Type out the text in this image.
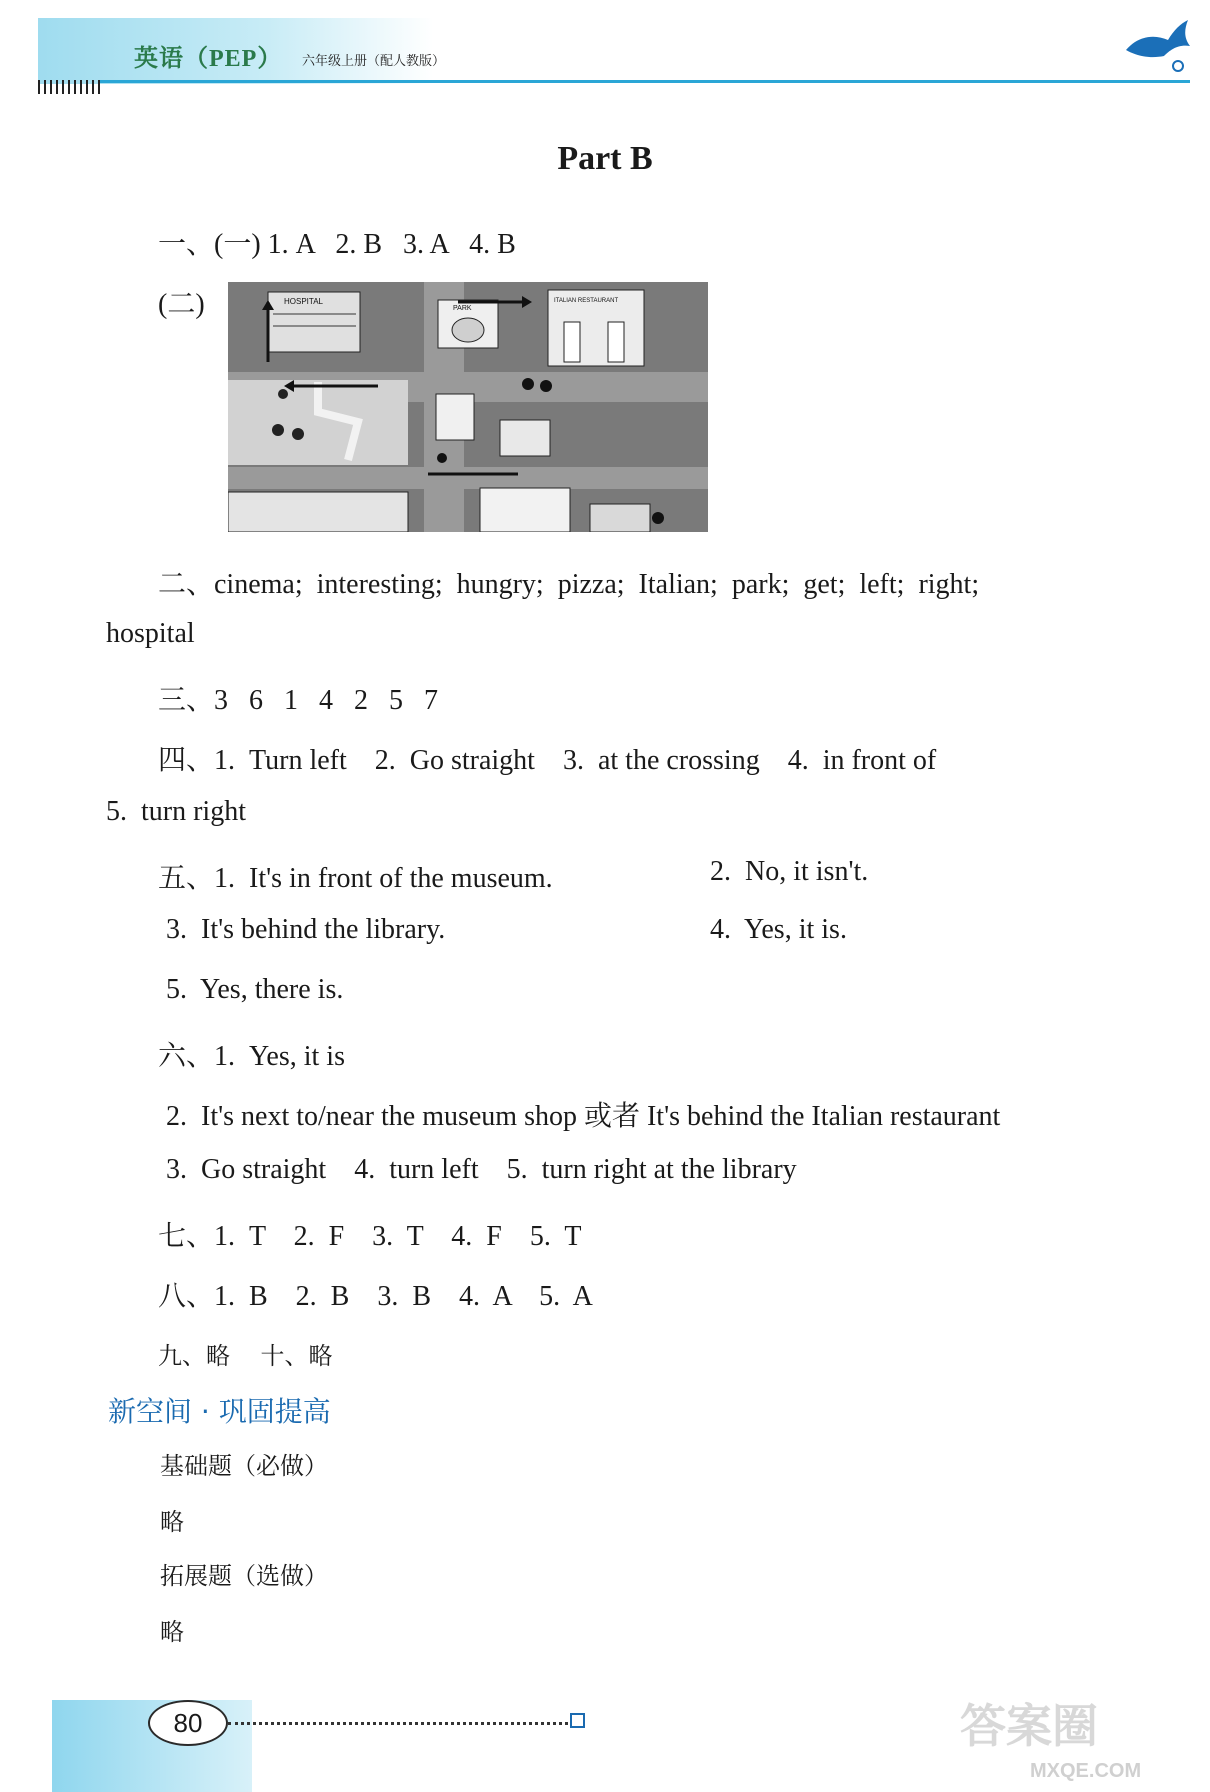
英语（PEP） 六年级上册（配人教版）
Part B
一、(一) 1. A   2. B   3. A   4. B
(二)	HOSPITAL
PARK
ITALIAN RESTAURANT
二、cinema;  interesting;  hungry;  pizza;  Italian;  park;  get;  left;  right;
hospital
三、3   6   1   4   2   5   7
四、1.  Turn left    2.  Go straight    3.  at the crossing    4.  in front of
5.  turn right
五、1.  It's in front of the museum.	2.  No, it isn't.
3.  It's behind the library.	4.  Yes, it is.
5.  Yes, there is.
六、1.  Yes, it is
2.  It's next to/near the museum shop 或者 It's behind the Italian restaurant
3.  Go straight    4.  turn left    5.  turn right at the library
七、1.  T    2.  F    3.  T    4.  F    5.  T
八、1.  B    2.  B    3.  B    4.  A    5.  A
九、略    十、略
新空间 · 巩固提高
基础题（必做）
略
拓展题（选做）
略
80	答案圈
MXQE.COM
